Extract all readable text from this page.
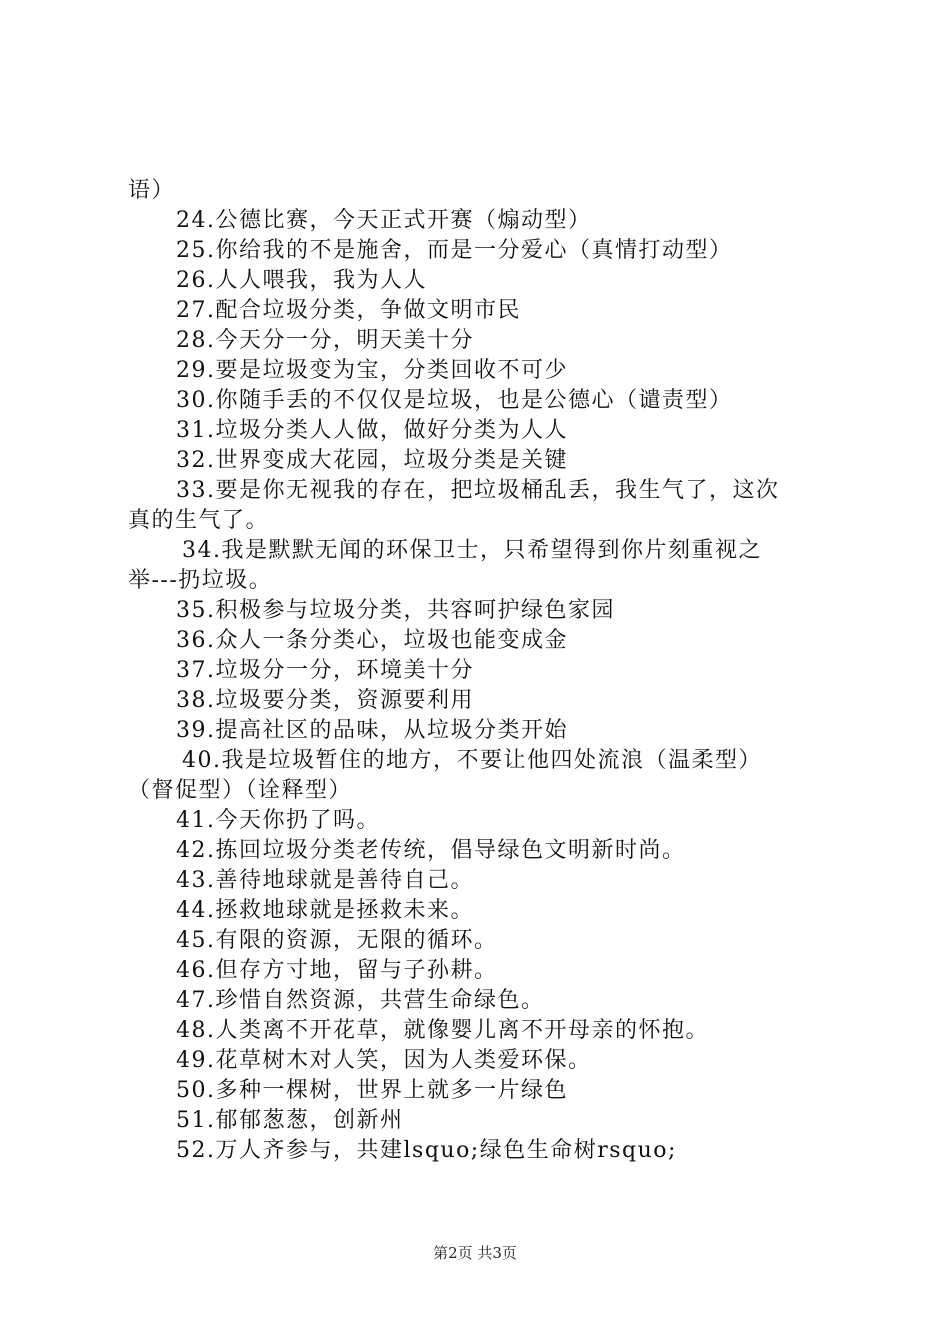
语）
24.公德比赛，今天正式开赛（煽动型）
25.你给我的不是施舍，而是一分爱心（真情打动型）
26.人人喂我，我为人人
27.配合垃圾分类，争做文明市民
28.今天分一分，明天美十分
29.要是垃圾变为宝，分类回收不可少
30.你随手丢的不仅仅是垃圾，也是公德心（谴责型）
31.垃圾分类人人做，做好分类为人人
32.世界变成大花园，垃圾分类是关键
33.要是你无视我的存在，把垃圾桶乱丢，我生气了，这次
真的生气了。
34.我是默默无闻的环保卫士，只希望得到你片刻重视之
举---扔垃圾。
35.积极参与垃圾分类，共容呵护绿色家园
36.众人一条分类心，垃圾也能变成金
37.垃圾分一分，环境美十分
38.垃圾要分类，资源要利用
39.提高社区的品味，从垃圾分类开始
40.我是垃圾暂住的地方，不要让他四处流浪（温柔型）
（督促型）（诠释型）
41.今天你扔了吗。
42.拣回垃圾分类老传统，倡导绿色文明新时尚。
43.善待地球就是善待自己。
44.拯救地球就是拯救未来。
45.有限的资源，无限的循环。
46.但存方寸地，留与子孙耕。
47.珍惜自然资源，共营生命绿色。
48.人类离不开花草，就像婴儿离不开母亲的怀抱。
49.花草树木对人笑，因为人类爱环保。
50.多种一棵树，世界上就多一片绿色
51.郁郁葱葱，创新州
52.万人齐参与，共建lsquo;绿色生命树rsquo;
第2页 共3页
